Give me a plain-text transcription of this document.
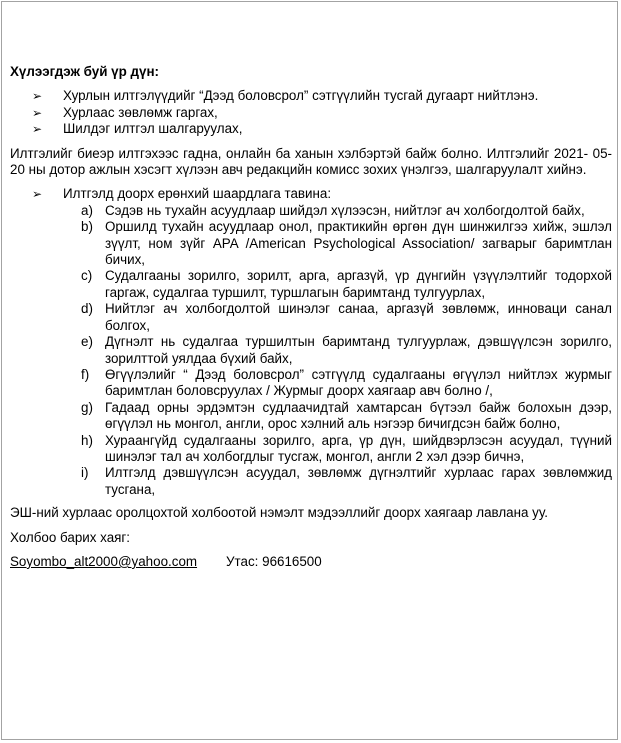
Хүлээгдэж буй үр дүн:
➢ Хурлын илтгэлүүдийг “Дээд боловсрол” сэтгүүлийн тусгай дугаарт нийтлэнэ.
➢ Хурлаас зөвлөмж гаргах,
➢ Шилдэг илтгэл шалгаруулах,

Илтгэлийг биеэр илтгэхээс гадна, онлайн ба ханын хэлбэртэй байж болно. Илтгэлийг 2021- 05- 20 ны дотор ажлын хэсэгт хүлээн авч редакцийн комисс зохих үнэлгээ, шалгаруулалт хийнэ.

➢ Илтгэлд доорх ерөнхий шаардлага тавина:
a) Сэдэв нь тухайн асуудлаар шийдэл хүлээсэн, нийтлэг ач холбогдолтой байх,
b) Оршилд тухайн асуудлаар онол, практикийн өргөн дүн шинжилгээ хийж, эшлэл зүүлт, ном зүйг APA /American Psychological Association/ загварыг баримтлан бичих,
c) Судалгааны зорилго, зорилт, арга, аргазүй, үр дүнгийн үзүүлэлтийг тодорхой гаргаж, судалгаа туршилт, туршлагын баримтанд тулгуурлах,
d) Нийтлэг ач холбогдолтой шинэлэг санаа, аргазүй зөвлөмж, инноваци санал болгох,
e) Дүгнэлт нь судалгаа туршилтын баримтанд тулгуурлаж, дэвшүүлсэн зорилго, зорилттой уялдаа бүхий байх,
f) Өгүүлэлийг “ Дээд боловсрол” сэтгүүлд судалгааны өгүүлэл нийтлэх журмыг баримтлан боловсруулах / Журмыг доорх хаягаар авч болно /,
g) Гадаад орны эрдэмтэн судлаачидтай хамтарсан бүтээл байж болохын дээр, өгүүлэл нь монгол, англи, орос хэлний аль нэгээр бичигдсэн байж болно,
h) Хураангүйд судалгааны зорилго, арга, үр дүн, шийдвэрлэсэн асуудал, түүний шинэлэг тал ач холбогдлыг тусгаж, монгол, англи 2 хэл дээр бичнэ,
i) Илтгэлд дэвшүүлсэн асуудал, зөвлөмж дүгнэлтийг хурлаас гарах зөвлөмжид тусгана,

ЭШ-ний хурлаас оролцохтой холбоотой нэмэлт мэдээллийг доорх хаягаар лавлана уу.

Холбоо барих хаяг:
Soyombo_alt2000@yahoo.com Утас: 96616500
